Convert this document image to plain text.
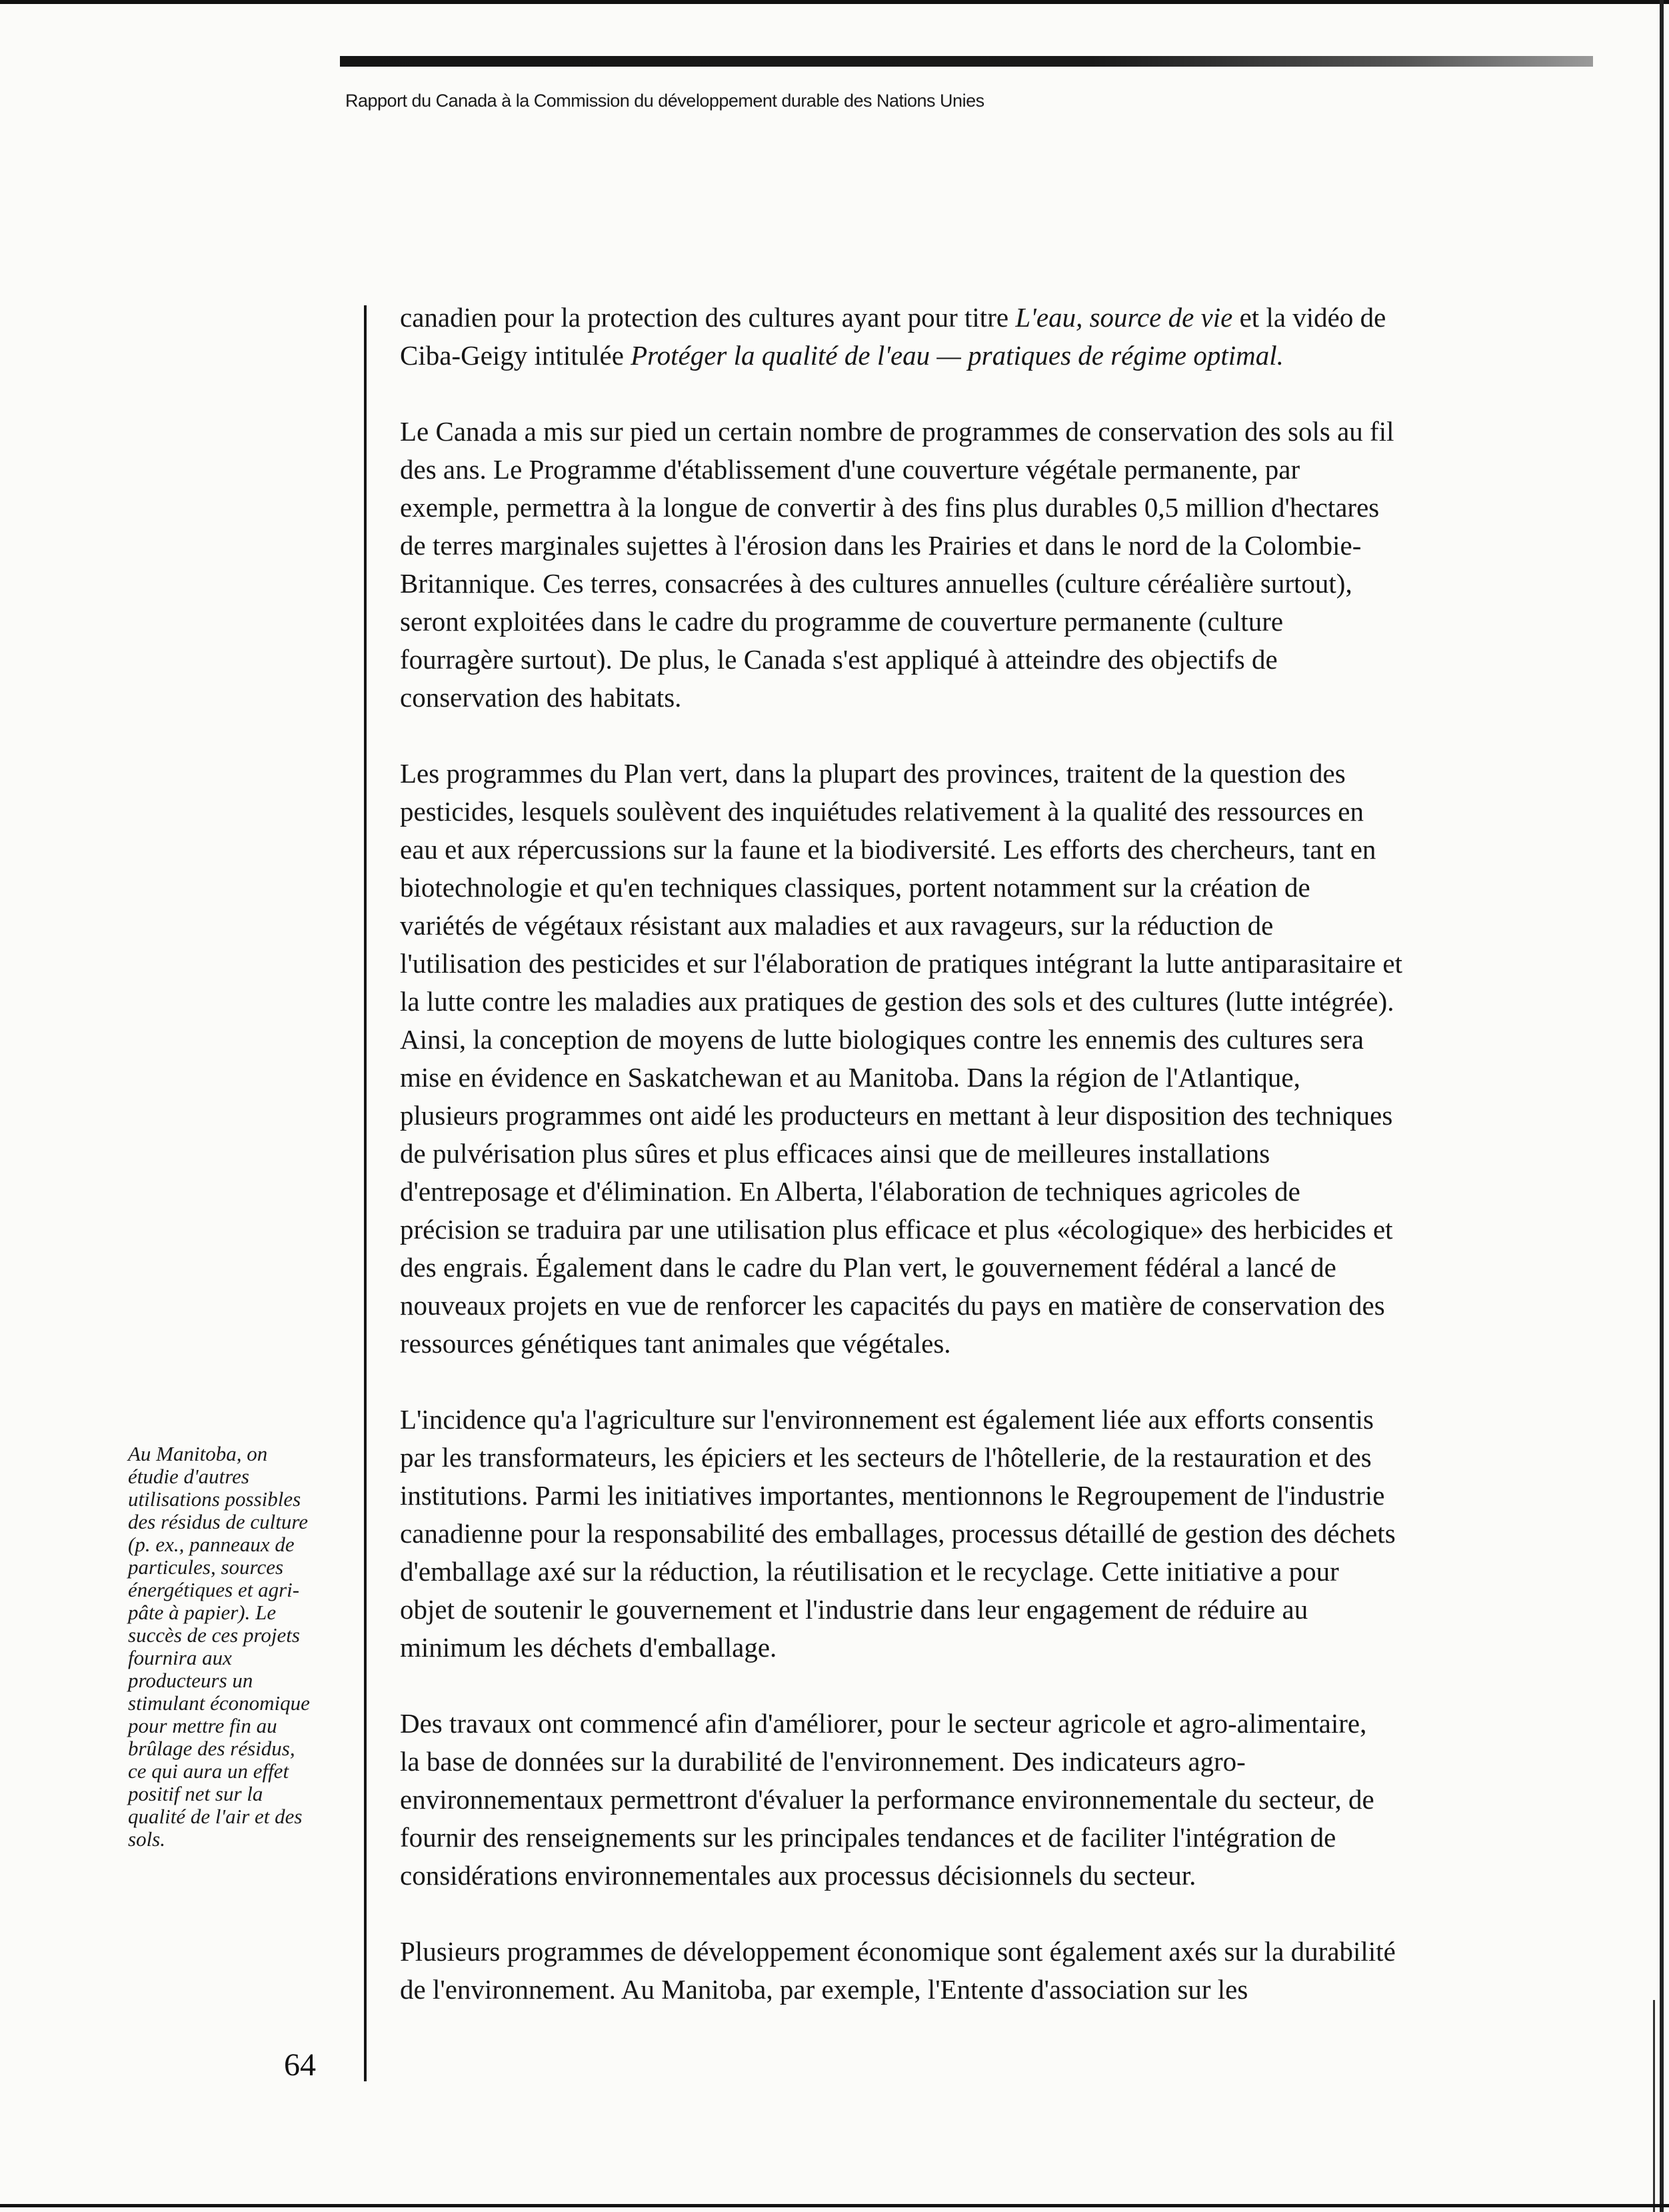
Rapport du Canada à la Commission du développement durable des Nations Unies

canadien pour la protection des cultures ayant pour titre L'eau, source de vie et la vidéo de
Ciba-Geigy intitulée Protéger la qualité de l'eau — pratiques de régime optimal.

Le Canada a mis sur pied un certain nombre de programmes de conservation des sols au fil
des ans. Le Programme d'établissement d'une couverture végétale permanente, par
exemple, permettra à la longue de convertir à des fins plus durables 0,5 million d'hectares
de terres marginales sujettes à l'érosion dans les Prairies et dans le nord de la Colombie-
Britannique. Ces terres, consacrées à des cultures annuelles (culture céréalière surtout),
seront exploitées dans le cadre du programme de couverture permanente (culture
fourragère surtout). De plus, le Canada s'est appliqué à atteindre des objectifs de
conservation des habitats.

Les programmes du Plan vert, dans la plupart des provinces, traitent de la question des
pesticides, lesquels soulèvent des inquiétudes relativement à la qualité des ressources en
eau et aux répercussions sur la faune et la biodiversité. Les efforts des chercheurs, tant en
biotechnologie et qu'en techniques classiques, portent notamment sur la création de
variétés de végétaux résistant aux maladies et aux ravageurs, sur la réduction de
l'utilisation des pesticides et sur l'élaboration de pratiques intégrant la lutte antiparasitaire et
la lutte contre les maladies aux pratiques de gestion des sols et des cultures (lutte intégrée).
Ainsi, la conception de moyens de lutte biologiques contre les ennemis des cultures sera
mise en évidence en Saskatchewan et au Manitoba. Dans la région de l'Atlantique,
plusieurs programmes ont aidé les producteurs en mettant à leur disposition des techniques
de pulvérisation plus sûres et plus efficaces ainsi que de meilleures installations
d'entreposage et d'élimination. En Alberta, l'élaboration de techniques agricoles de
précision se traduira par une utilisation plus efficace et plus «écologique» des herbicides et
des engrais. Également dans le cadre du Plan vert, le gouvernement fédéral a lancé de
nouveaux projets en vue de renforcer les capacités du pays en matière de conservation des
ressources génétiques tant animales que végétales.

L'incidence qu'a l'agriculture sur l'environnement est également liée aux efforts consentis
par les transformateurs, les épiciers et les secteurs de l'hôtellerie, de la restauration et des
institutions. Parmi les initiatives importantes, mentionnons le Regroupement de l'industrie
canadienne pour la responsabilité des emballages, processus détaillé de gestion des déchets
d'emballage axé sur la réduction, la réutilisation et le recyclage. Cette initiative a pour
objet de soutenir le gouvernement et l'industrie dans leur engagement de réduire au
minimum les déchets d'emballage.

Des travaux ont commencé afin d'améliorer, pour le secteur agricole et agro-alimentaire,
la base de données sur la durabilité de l'environnement. Des indicateurs agro-
environnementaux permettront d'évaluer la performance environnementale du secteur, de
fournir des renseignements sur les principales tendances et de faciliter l'intégration de
considérations environnementales aux processus décisionnels du secteur.

Plusieurs programmes de développement économique sont également axés sur la durabilité
de l'environnement. Au Manitoba, par exemple, l'Entente d'association sur les

Au Manitoba, on
étudie d'autres
utilisations possibles
des résidus de culture
(p. ex., panneaux de
particules, sources
énergétiques et agri-
pâte à papier). Le
succès de ces projets
fournira aux
producteurs un
stimulant économique
pour mettre fin au
brûlage des résidus,
ce qui aura un effet
positif net sur la
qualité de l'air et des
sols.
64
